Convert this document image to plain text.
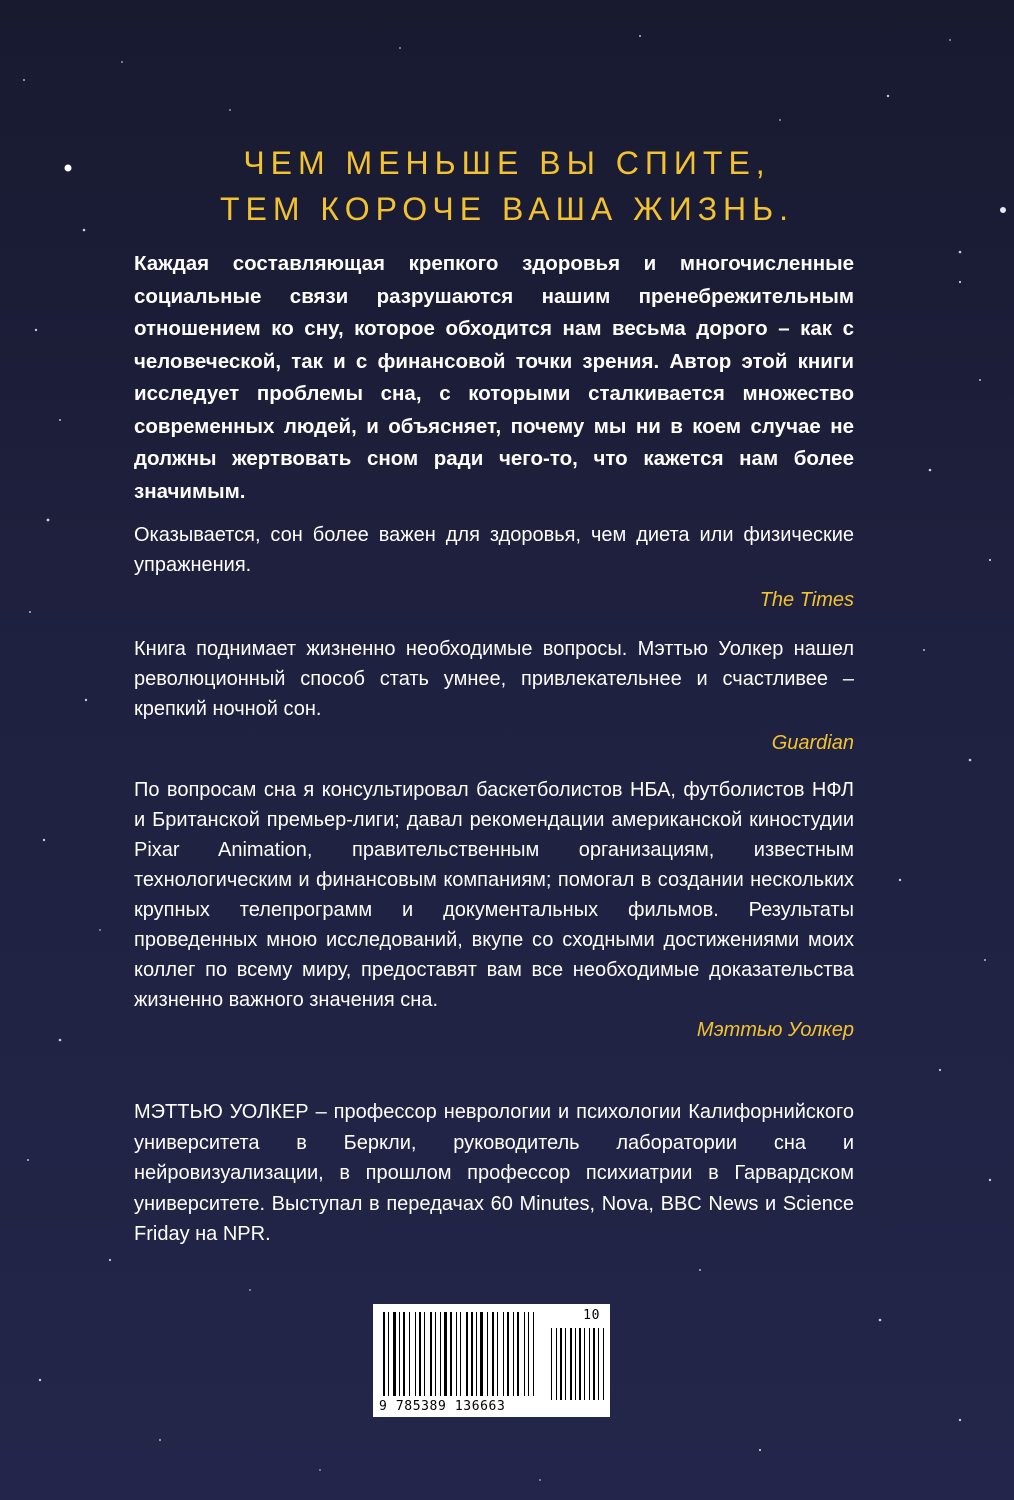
ЧЕМ МЕНЬШЕ ВЫ СПИТЕ,
ТЕМ КОРОЧЕ ВАША ЖИЗНЬ.
Каждая составляющая крепкого здоровья и многочисленные социальные связи разрушаются нашим пренебрежительным отношением ко сну, которое обходится нам весьма дорого – как с человеческой, так и с финансовой точки зрения. Автор этой книги исследует проблемы сна, с которыми сталкивается множество современных людей, и объясняет, почему мы ни в коем случае не должны жертвовать сном ради чего-то, что кажется нам более значимым.
Оказывается, сон более важен для здоровья, чем диета или физические упражнения.
The Times
Книга поднимает жизненно необходимые вопросы. Мэттью Уолкер нашел революционный способ стать умнее, привлекательнее и счастливее – крепкий ночной сон.
Guardian
По вопросам сна я консультировал баскетболистов НБА, футболистов НФЛ и Британской премьер-лиги; давал рекомендации американской киностудии Pixar Animation, правительственным организациям, известным технологическим и финансовым компаниям; помогал в создании нескольких крупных телепрограмм и документальных фильмов. Результаты проведенных мною исследований, вкупе со сходными достижениями моих коллег по всему миру, предоставят вам все необходимые доказательства жизненно важного значения сна.
Мэттью Уолкер
МЭТТЬЮ УОЛКЕР – профессор неврологии и психологии Калифорнийского университета в Беркли, руководитель лаборатории сна и нейровизуализации, в прошлом профессор психиатрии в Гарвардском университете. Выступал в передачах 60 Minutes, Nova, BBC News и Science Friday на NPR.
10
9 785389 136663
